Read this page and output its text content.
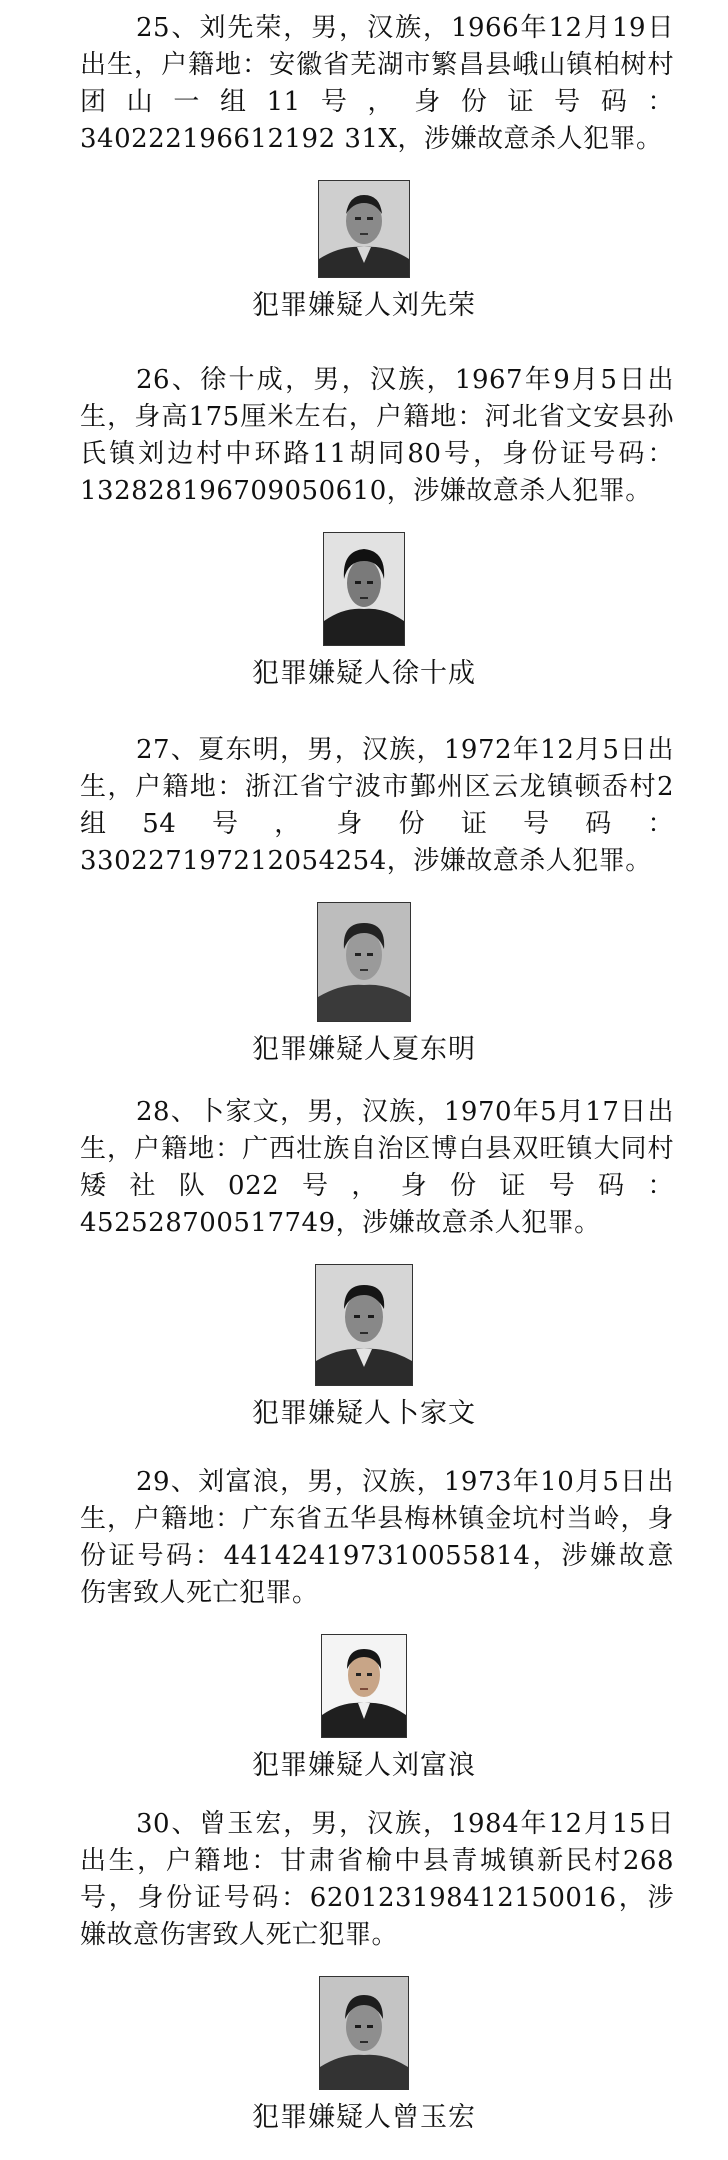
25、刘先荣，男，汉族，1966年12月19日出生，户籍地：安徽省芜湖市繁昌县峨山镇柏树村团山一组11号，身份证号码：340222196612192 31X，涉嫌故意杀人犯罪。

犯罪嫌疑人刘先荣

26、徐十成，男，汉族，1967年9月5日出生，身高175厘米左右，户籍地：河北省文安县孙氏镇刘边村中环路11胡同80号，身份证号码：132828196709050610，涉嫌故意杀人犯罪。

犯罪嫌疑人徐十成

27、夏东明，男，汉族，1972年12月5日出生，户籍地：浙江省宁波市鄞州区云龙镇顿岙村2组54号，身份证号码：330227197212054254，涉嫌故意杀人犯罪。

犯罪嫌疑人夏东明

28、卜家文，男，汉族，1970年5月17日出生，户籍地：广西壮族自治区博白县双旺镇大同村矮社队022号，身份证号码：452528700517749，涉嫌故意杀人犯罪。

犯罪嫌疑人卜家文

29、刘富浪，男，汉族，1973年10月5日出生，户籍地：广东省五华县梅林镇金坑村当岭，身份证号码：441424197310055814，涉嫌故意伤害致人死亡犯罪。

犯罪嫌疑人刘富浪

30、曾玉宏，男，汉族，1984年12月15日出生，户籍地：甘肃省榆中县青城镇新民村268号，身份证号码：620123198412150016，涉嫌故意伤害致人死亡犯罪。

犯罪嫌疑人曾玉宏
